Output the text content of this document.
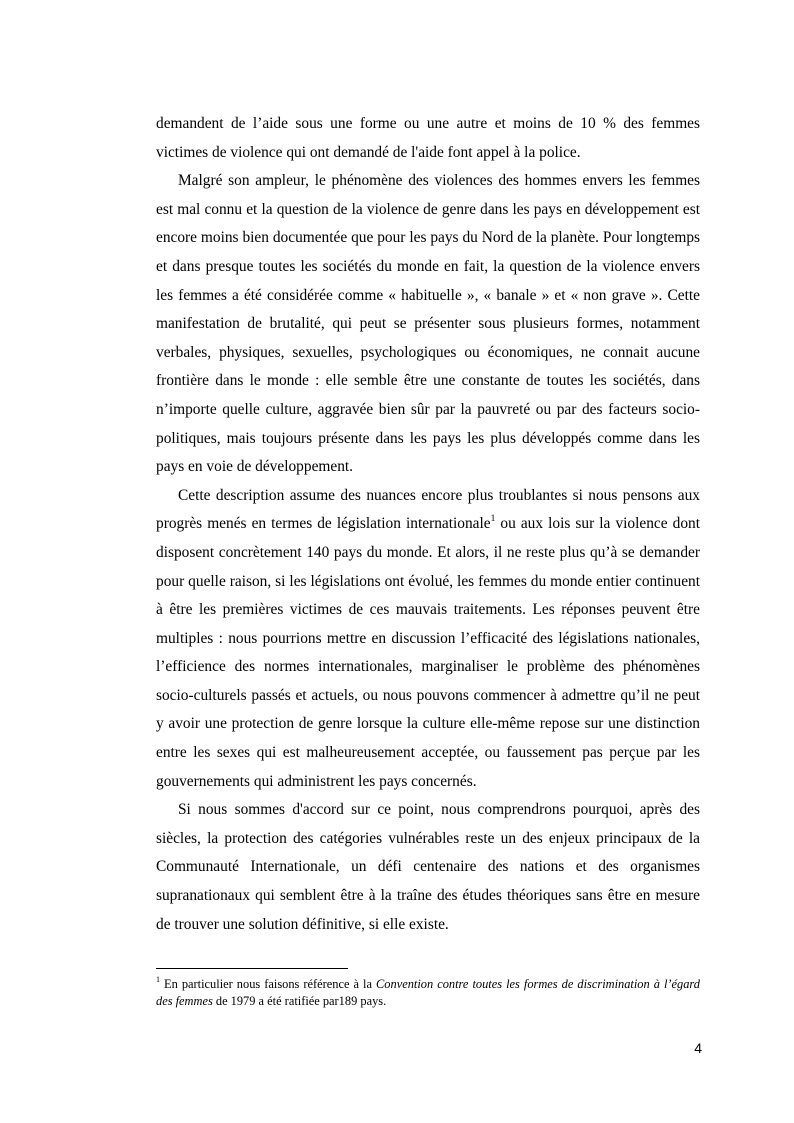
demandent de l’aide sous une forme ou une autre et moins de 10 % des femmes victimes de violence qui ont demandé de l'aide font appel à la police.

Malgré son ampleur, le phénomène des violences des hommes envers les femmes est mal connu et la question de la violence de genre dans les pays en développement est encore moins bien documentée que pour les pays du Nord de la planète. Pour longtemps et dans presque toutes les sociétés du monde en fait, la question de la violence envers les femmes a été considérée comme « habituelle », « banale » et « non grave ». Cette manifestation de brutalité, qui peut se présenter sous plusieurs formes, notamment verbales, physiques, sexuelles, psychologiques ou économiques, ne connait aucune frontière dans le monde : elle semble être une constante de toutes les sociétés, dans n’importe quelle culture, aggravée bien sûr par la pauvreté ou par des facteurs socio-politiques, mais toujours présente dans les pays les plus développés comme dans les pays en voie de développement.

Cette description assume des nuances encore plus troublantes si nous pensons aux progrès menés en termes de législation internationale$^1$ ou aux lois sur la violence dont disposent concrètement 140 pays du monde. Et alors, il ne reste plus qu’à se demander pour quelle raison, si les législations ont évolué, les femmes du monde entier continuent à être les premières victimes de ces mauvais traitements. Les réponses peuvent être multiples : nous pourrions mettre en discussion l’efficacité des législations nationales, l’efficience des normes internationales, marginaliser le problème des phénomènes socio-culturels passés et actuels, ou nous pouvons commencer à admettre qu’il ne peut y avoir une protection de genre lorsque la culture elle-même repose sur une distinction entre les sexes qui est malheureusement acceptée, ou faussement pas perçue par les gouvernements qui administrent les pays concernés.

Si nous sommes d'accord sur ce point, nous comprendrons pourquoi, après des siècles, la protection des catégories vulnérables reste un des enjeux principaux de la Communauté Internationale, un défi centenaire des nations et des organismes supranationaux qui semblent être à la traîne des études théoriques sans être en mesure de trouver une solution définitive, si elle existe.

$^1$ En particulier nous faisons référence à la Convention contre toutes les formes de discrimination à l’égard des femmes de 1979 a été ratifiée par189 pays.
4
